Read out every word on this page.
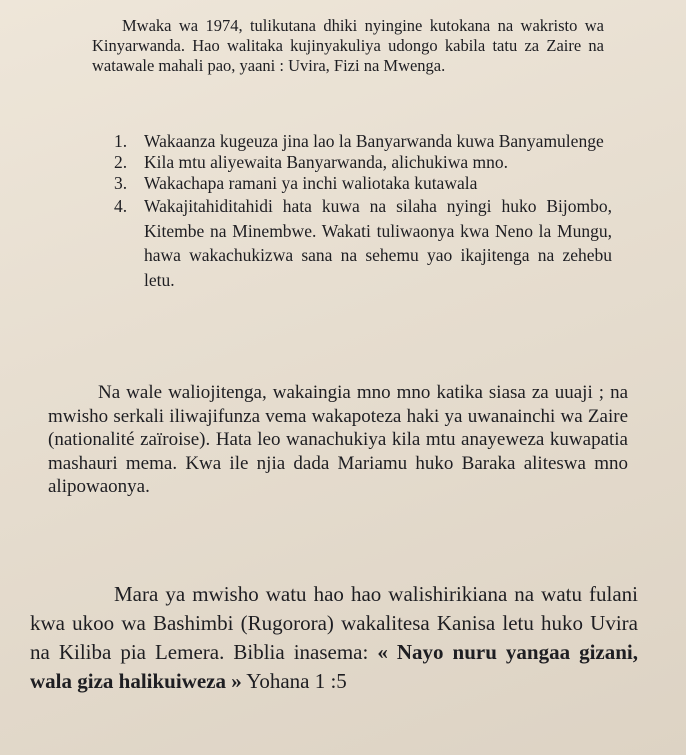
Mwaka wa 1974, tulikutana dhiki nyingine kutokana na wakristo wa Kinyarwanda. Hao walitaka kujinyakuliya udongo kabila tatu za Zaire na watawale mahali pao, yaani : Uvira, Fizi na Mwenga.

1. Wakaanza kugeuza jina lao la Banyarwanda kuwa Banyamulenge
2. Kila mtu aliyewaita Banyarwanda, alichukiwa mno.
3. Wakachapa ramani ya inchi waliotaka kutawala
4. Wakajitahiditahidi hata kuwa na silaha nyingi huko Bijombo, Kitembe na Minembwe. Wakati tuliwaonya kwa Neno la Mungu, hawa wakachukizwa sana na sehemu yao ikajitenga na zehebu letu.

Na wale waliojitenga, wakaingia mno mno katika siasa za uuaji ; na mwisho serkali iliwajifunza vema wakapoteza haki ya uwanainchi wa Zaire (nationalité zaïroise). Hata leo wanachukiya kila mtu anayeweza kuwapatia mashauri mema. Kwa ile njia dada Mariamu huko Baraka aliteswa mno alipowaonya.

Mara ya mwisho watu hao hao walishirikiana na watu fulani kwa ukoo wa Bashimbi (Rugorora) wakalitesa Kanisa letu huko Uvira na Kiliba pia Lemera. Biblia inasema: « Nayo nuru yangaa gizani, wala giza halikuiweza » Yohana 1 :5
